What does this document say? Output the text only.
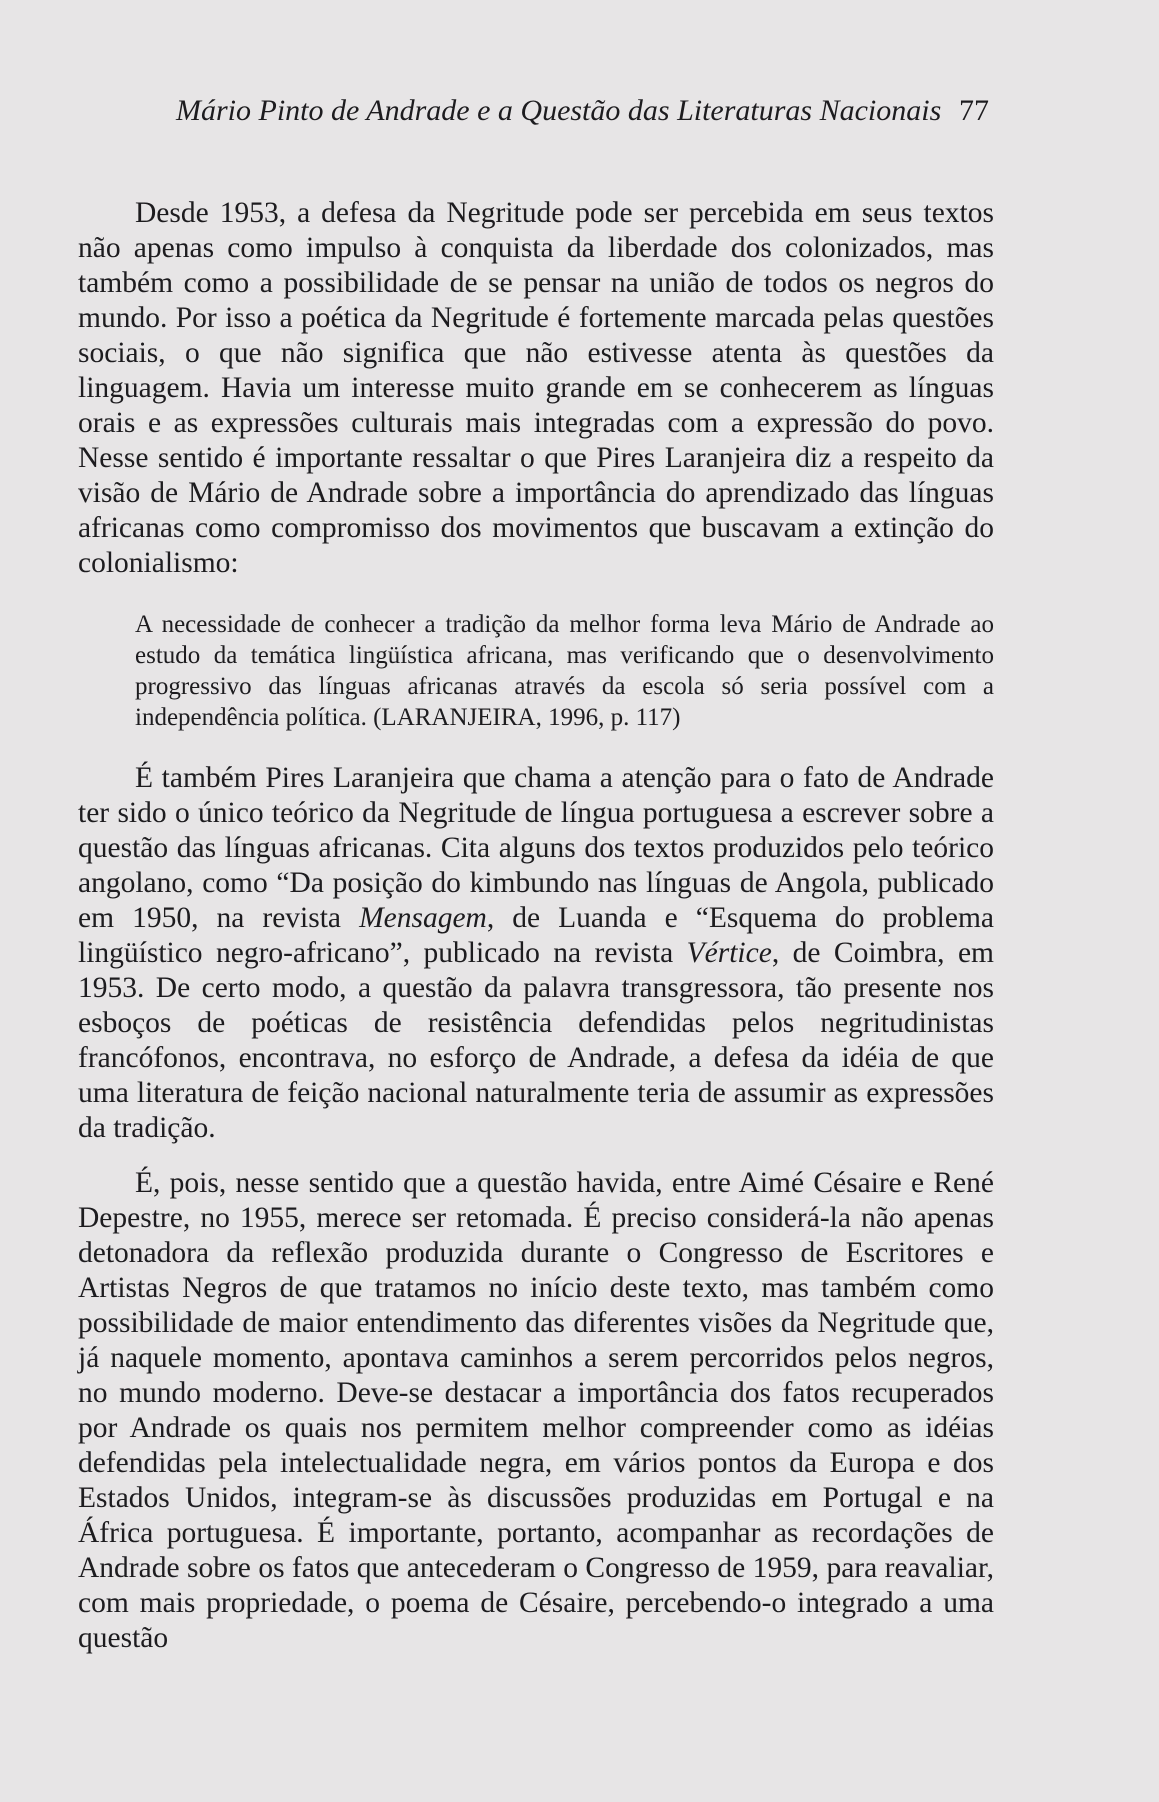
Mário Pinto de Andrade e a Questão das Literaturas Nacionais 77

Desde 1953, a defesa da Negritude pode ser percebida em seus textos não apenas como impulso à conquista da liberdade dos colonizados, mas também como a possibilidade de se pensar na união de todos os negros do mundo. Por isso a poética da Negritude é fortemente marcada pelas questões sociais, o que não significa que não estivesse atenta às questões da linguagem. Havia um interesse muito grande em se conhecerem as línguas orais e as expressões culturais mais integradas com a expressão do povo. Nesse sentido é importante ressaltar o que Pires Laranjeira diz a respeito da visão de Mário de Andrade sobre a importância do aprendizado das línguas africanas como compromisso dos movimentos que buscavam a extinção do colonialismo:

A necessidade de conhecer a tradição da melhor forma leva Mário de Andrade ao estudo da temática lingüística africana, mas verificando que o desenvolvimento progressivo das línguas africanas através da escola só seria possível com a independência política. (LARANJEIRA, 1996, p. 117)

É também Pires Laranjeira que chama a atenção para o fato de Andrade ter sido o único teórico da Negritude de língua portuguesa a escrever sobre a questão das línguas africanas. Cita alguns dos textos produzidos pelo teórico angolano, como “Da posição do kimbundo nas línguas de Angola, publicado em 1950, na revista Mensagem, de Luanda e “Esquema do problema lingüístico negro-africano”, publicado na revista Vértice, de Coimbra, em 1953. De certo modo, a questão da palavra transgressora, tão presente nos esboços de poéticas de resistência defendidas pelos negritudinistas francófonos, encontrava, no esforço de Andrade, a defesa da idéia de que uma literatura de feição nacional naturalmente teria de assumir as expressões da tradição.

É, pois, nesse sentido que a questão havida, entre Aimé Césaire e René Depestre, no 1955, merece ser retomada. É preciso considerá-la não apenas detonadora da reflexão produzida durante o Congresso de Escritores e Artistas Negros de que tratamos no início deste texto, mas também como possibilidade de maior entendimento das diferentes visões da Negritude que, já naquele momento, apontava caminhos a serem percorridos pelos negros, no mundo moderno. Deve-se destacar a importância dos fatos recuperados por Andrade os quais nos permitem melhor compreender como as idéias defendidas pela intelectualidade negra, em vários pontos da Europa e dos Estados Unidos, integram-se às discussões produzidas em Portugal e na África portuguesa. É importante, portanto, acompanhar as recordações de Andrade sobre os fatos que antecederam o Congresso de 1959, para reavaliar, com mais propriedade, o poema de Césaire, percebendo-o integrado a uma questão
